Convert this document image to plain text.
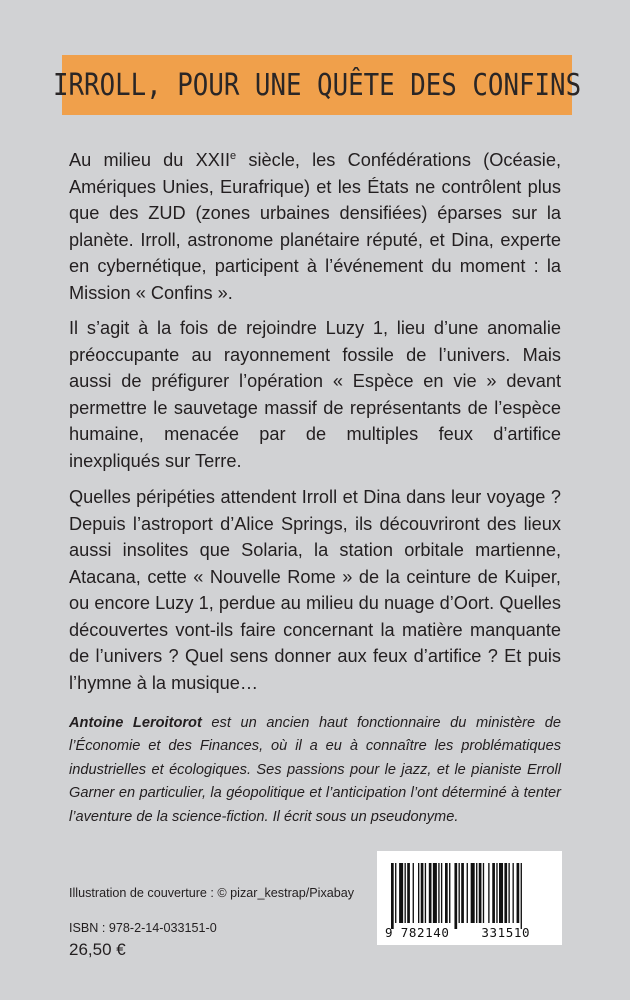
IRROLL, POUR UNE QUÊTE DES CONFINS

Au milieu du XXIIe siècle, les Confédérations (Océasie, Amériques Unies, Eurafrique) et les États ne contrôlent plus que des ZUD (zones urbaines densifiées) éparses sur la planète. Irroll, astronome planétaire réputé, et Dina, experte en cybernétique, participent à l’événement du moment : la Mission « Confins ».

Il s’agit à la fois de rejoindre Luzy 1, lieu d’une anomalie préoccupante au rayonnement fossile de l’univers. Mais aussi de préfigurer l’opération « Espèce en vie » devant permettre le sauvetage massif de représentants de l’espèce humaine, menacée par de multiples feux d’artifice inexpliqués sur Terre.

Quelles péripéties attendent Irroll et Dina dans leur voyage ? Depuis l’astroport d’Alice Springs, ils découvriront des lieux aussi insolites que Solaria, la station orbitale martienne, Atacana, cette « Nouvelle Rome » de la ceinture de Kuiper, ou encore Luzy 1, perdue au milieu du nuage d’Oort. Quelles découvertes vont-ils faire concernant la matière manquante de l’univers ? Quel sens donner aux feux d’artifice ? Et puis l’hymne à la musique…

Antoine Leroitorot est un ancien haut fonctionnaire du ministère de l’Économie et des Finances, où il a eu à connaître les problématiques industrielles et écologiques. Ses passions pour le jazz, et le pianiste Erroll Garner en particulier, la géopolitique et l’anticipation l’ont déterminé à tenter l’aventure de la science-fiction. Il écrit sous un pseudonyme.

Illustration de couverture : © pizar_kestrap/Pixabay
ISBN : 978-2-14-033151-0
26,50 €
9 782140	331510
